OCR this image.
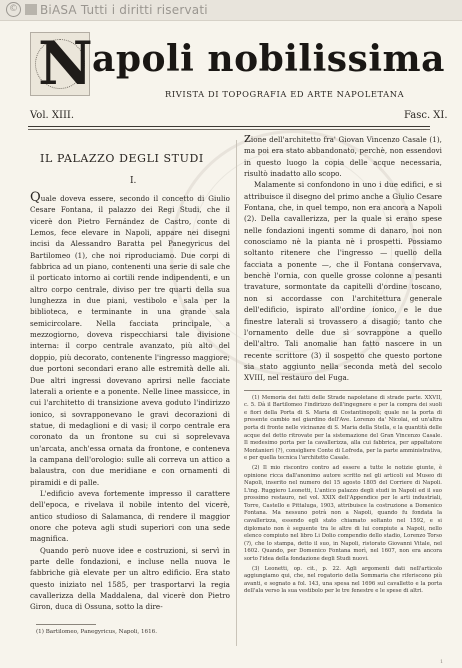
© BiASA Tutti i diritti riservati
N apoli nobilissima
RIVISTA DI TOPOGRAFIA ED ARTE NAPOLETANA
Vol. XIII.	Fasc. XI.
IL PALAZZO DEGLI STUDI
I.

Quale doveva essere, secondo il concetto di Giulio Cesare Fontana, il palazzo dei Regi Studi, che il vicerè don Pietro Fernández de Castro, conte di Lemos, fece elevare in Napoli, appare nei disegni incisi da Alessandro Baratta pel Panegyricus del Bartilomeo (1), che noi riproduciamo. Due corpi di fabbrica ad un piano, contenenti una serie di sale che il porticato intorno ai cortili rende indipendenti, e un altro corpo centrale, diviso per tre quarti della sua lunghezza in due piani, vestibolo e sala per la biblioteca, e terminante in una grande sala semicircolare. Nella facciata principale, a mezzogiorno, doveva rispecchiarsi tale divisione interna: il corpo centrale avanzato, più alto del doppio, più decorato, contenente l'ingresso maggiore; due portoni secondari erano alle estremità delle ali. Due altri ingressi dovevano aprirsi nelle facciate laterali a oriente e a ponente. Nelle linee massicce, in cui l'architetto di transizione aveva goduto l'indirizzo ionico, si sovrapponevano le gravi decorazioni di statue, di medaglioni e di vasi; il corpo centrale era coronato da un frontone su cui si soprelevava un'arcata, anch'essa ornata da frontone, e conteneva la campana dell'orologio: sulle ali correva un attico a balaustra, con due meridiane e con ornamenti di piramidi e di palle.

L'edificio aveva fortemente impresso il carattere dell'epoca, e rivelava il nobile intento del vicerè, antico studioso di Salamanca, di rendere il maggior onore che poteva agli studi superiori con una sede magnifica.

Quando però nuove idee e costruzioni, si servì in parte delle fondazioni, e incluse nella nuova le fabbriche già elevate per un altro edificio. Era stato questo iniziato nel 1585, per trasportarvi la regia cavallerizza della Maddalena, dal vicerè don Pietro Giron, duca di Ossuna, sotto la dire-

(1) Bartilomeo, Panegyricus, Napoli, 1616.

zione dell'architetto fra' Giovan Vincenzo Casale (1), ma poi era stato abbandonato, perchè, non essendovi in questo luogo la copia delle acque necessaria, risultò inadatto allo scopo.

Malamente si confondono in uno i due edifici, e si attribuisce il disegno del primo anche a Giulio Cesare Fontana, che, in quel tempo, non era ancora a Napoli (2). Della cavallerizza, per la quale si erano spese nelle fondazioni ingenti somme di danaro, noi non conosciamo nè la pianta nè i prospetti. Possiamo soltanto ritenere che l'ingresso — quello della facciata a ponente —, che il Fontana conservava, benchè l'ornia, con quelle grosse colonne a pesanti travature, sormontate da capitelli d'ordine toscano, non si accordasse con l'architettura generale dell'edificio, ispirato all'ordine ionico, e le due finestre laterali si trovassero a disagio; tanto che l'ornamento delle due sì sovrappone a quello dell'altro. Tali anomalie han fatto nascere in un recente scrittore (3) il sospetto che questo portone sia stato aggiunto nella seconda metà del secolo XVIII, nel restauro del Fuga.

(1) Memoria dei fatti delle Strade napoletane di strade parte. XXVII, c. 5. Dà il Bartilomeo l'indirizzo dell'ingegnere e per la compra dei suoli e fiori della Porta di S. Maria di Costantinopoli; quale ne la porta di presente cambio nel giardino dell'Ave. Lorenzo da' Nicolai, ed un'altra porta di fronte nelle vicinanze di S. Maria della Stella, e la quantità delle acque del detto ritrovate per la sistemazione del Gran Vincenzo Casale. Il medesimo porta per la cavallerizza, alla cui fabbrica, per appaltatore Montanieri (?), consigliere Conte di Lofreda, per la parte amministrativa, e per quella tecnica l'architetto Casale.

(2) Il mio riscontro contro ad essere a tutte le notizie giunte, è opinione ricca dall'anonimo autore scritto nel gli articoli sul Museo di Napoli, inserito nel numero del 15 agosto 1805 del Corriere di Napoli. L'ing. Ruggiero Leonetti, L'antico palazzo degli studi in Napoli ed il suo prossimo restauro, nel vol. XXIX dell'Appendice per le arti industriali, Torre, Castello e Pittaluga, 1903, attribuisce la costruzione a Domenico Fontana. Ma nessuno potrà non a Napoli, quando fu fondata la cavallerizza, essendo egli stato chiamato soltanto nel 1592, e si diplomato non è seguente tra le altre di lui compiute a Napoli, nello elenco compiuto nel libro Li Dolio compendio dello stadio, Lorenzo Torso (?), che lo stampa, detto il suo, in Napoli, ristorato Giovanni Vitale, nel 1602. Quando, per Domenico Fontana morì, nel 1607, non era ancora sorto l'idea della fondazione degli Studi nuovi.

(3) Leonetti, op. cit., p. 22. Agli argomenti dati nell'articolo aggiungiamo qui, che, nel rogatorio della Sommaria che riferiscono più avanti, e segnato a fol. 143, una spesa nel 1696 sul cavalletto e la porta dell'ala verso la sua vestibolo per le tre fenestre e le spese di altri.

1
